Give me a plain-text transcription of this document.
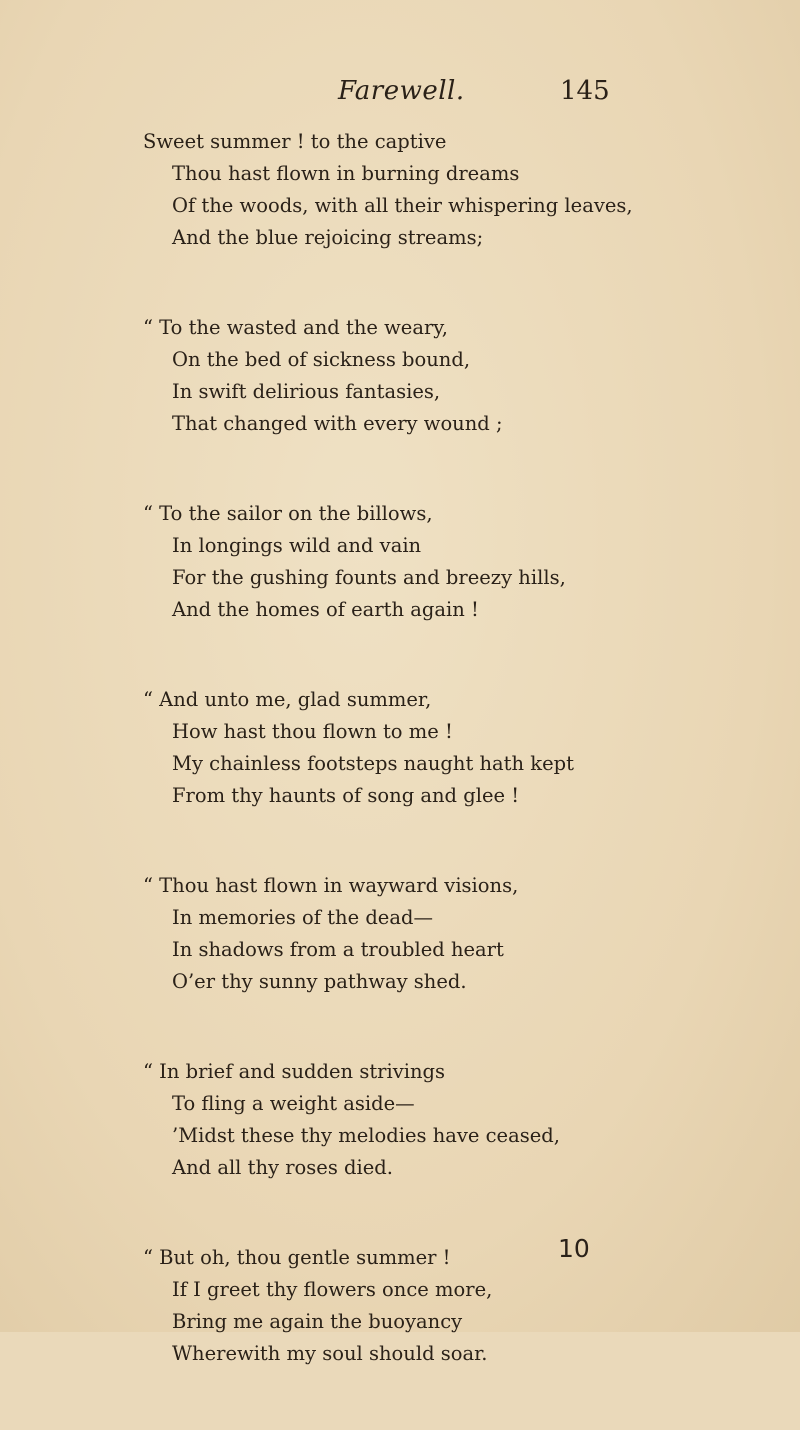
Farewell.	145
Sweet summer ! to the captive
Thou hast flown in burning dreams
Of the woods, with all their whispering leaves,
And the blue rejoicing streams;
“ To the wasted and the weary,
On the bed of sickness bound,
In swift delirious fantasies,
That changed with every wound ;
“ To the sailor on the billows,
In longings wild and vain
For the gushing founts and breezy hills,
And the homes of earth again !
“ And unto me, glad summer,
How hast thou flown to me !
My chainless footsteps naught hath kept
From thy haunts of song and glee !
“ Thou hast flown in wayward visions,
In memories of the dead—
In shadows from a troubled heart
O’er thy sunny pathway shed.
“ In brief and sudden strivings
To fling a weight aside—
’Midst these thy melodies have ceased,
And all thy roses died.
“ But oh, thou gentle summer !
If I greet thy flowers once more,
Bring me again the buoyancy
Wherewith my soul should soar.
10
